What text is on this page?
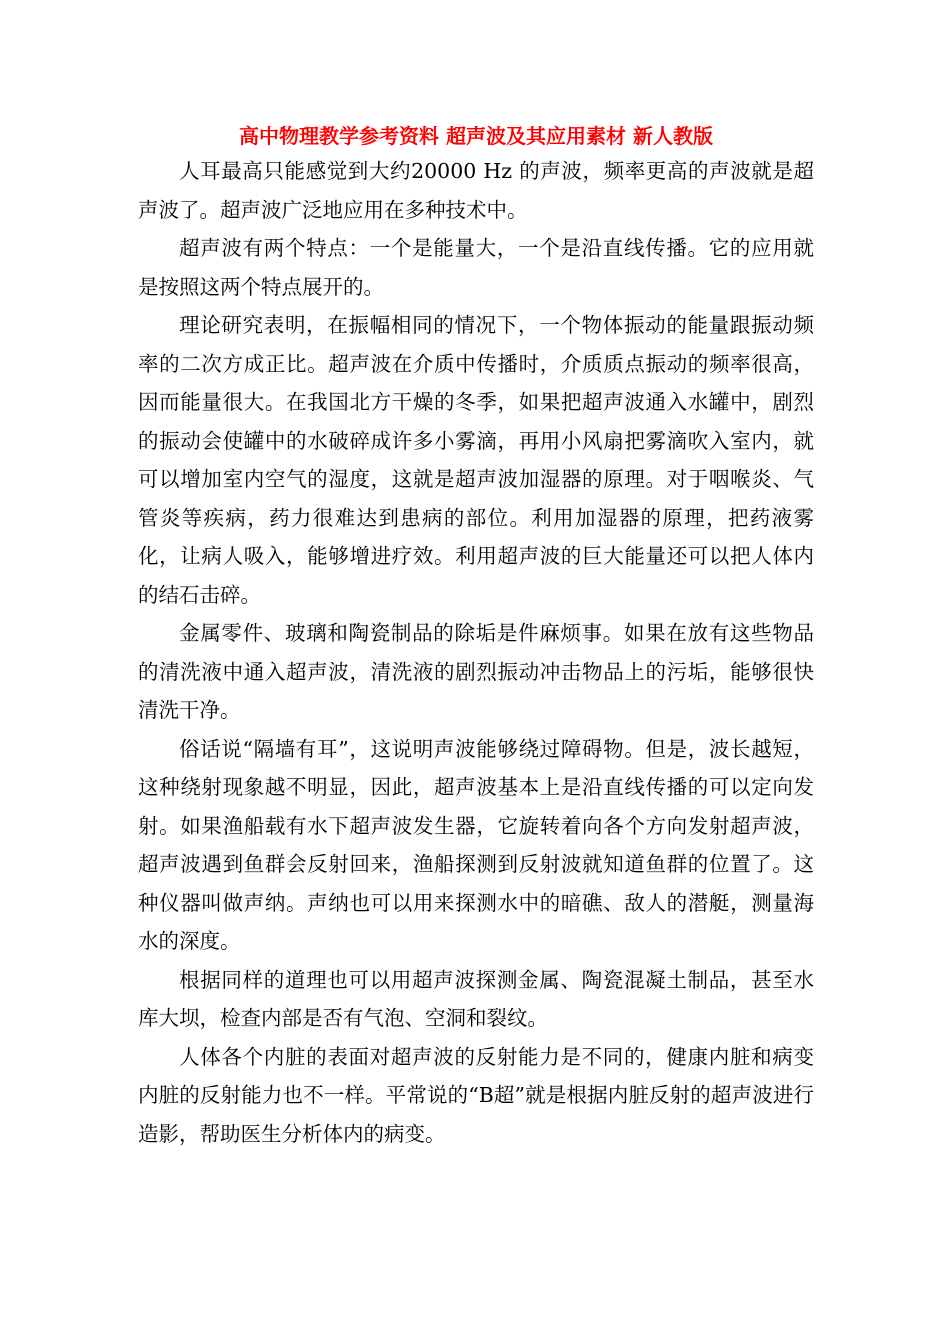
高中物理教学参考资料 超声波及其应用素材 新人教版

人耳最高只能感觉到大约20000 Hz 的声波，频率更高的声波就是超声波了。超声波广泛地应用在多种技术中。

超声波有两个特点：一个是能量大，一个是沿直线传播。它的应用就是按照这两个特点展开的。

理论研究表明，在振幅相同的情况下，一个物体振动的能量跟振动频率的二次方成正比。超声波在介质中传播时，介质质点振动的频率很高，因而能量很大。在我国北方干燥的冬季，如果把超声波通入水罐中，剧烈的振动会使罐中的水破碎成许多小雾滴，再用小风扇把雾滴吹入室内，就可以增加室内空气的湿度，这就是超声波加湿器的原理。对于咽喉炎、气管炎等疾病，药力很难达到患病的部位。利用加湿器的原理，把药液雾化，让病人吸入，能够增进疗效。利用超声波的巨大能量还可以把人体内的结石击碎。

金属零件、玻璃和陶瓷制品的除垢是件麻烦事。如果在放有这些物品的清洗液中通入超声波，清洗液的剧烈振动冲击物品上的污垢，能够很快清洗干净。

俗话说“隔墙有耳”，这说明声波能够绕过障碍物。但是，波长越短，这种绕射现象越不明显，因此，超声波基本上是沿直线传播的可以定向发射。如果渔船载有水下超声波发生器，它旋转着向各个方向发射超声波，超声波遇到鱼群会反射回来，渔船探测到反射波就知道鱼群的位置了。这种仪器叫做声纳。声纳也可以用来探测水中的暗礁、敌人的潜艇，测量海水的深度。

根据同样的道理也可以用超声波探测金属、陶瓷混凝土制品，甚至水库大坝，检查内部是否有气泡、空洞和裂纹。

人体各个内脏的表面对超声波的反射能力是不同的，健康内脏和病变内脏的反射能力也不一样。平常说的“B超”就是根据内脏反射的超声波进行造影，帮助医生分析体内的病变。
